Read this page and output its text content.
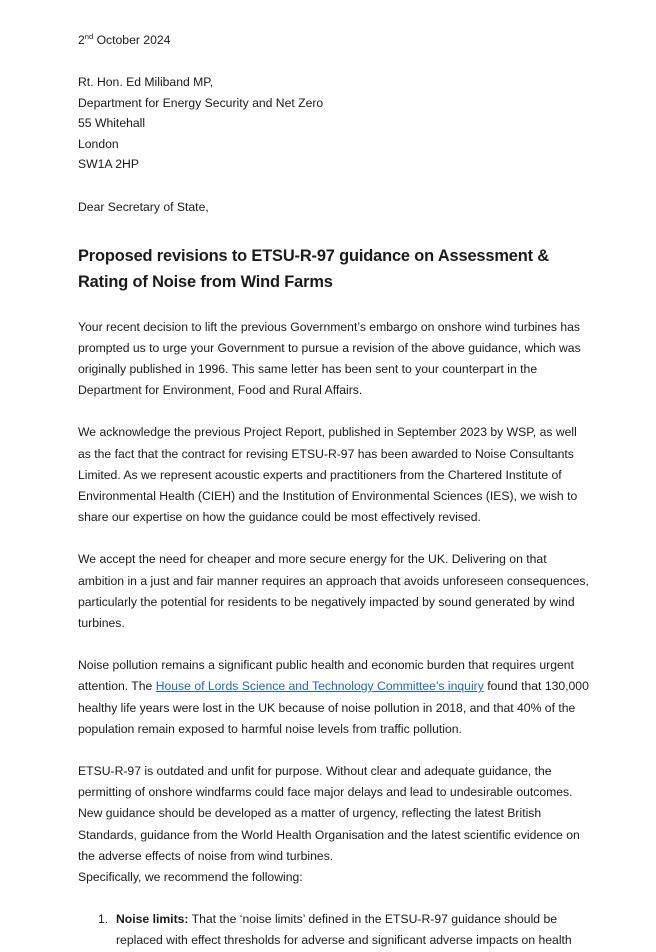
2nd October 2024
Rt. Hon. Ed Miliband MP,
Department for Energy Security and Net Zero
55 Whitehall
London
SW1A 2HP
Dear Secretary of State,
Proposed revisions to ETSU-R-97 guidance on Assessment & Rating of Noise from Wind Farms

Your recent decision to lift the previous Government’s embargo on onshore wind turbines has prompted us to urge your Government to pursue a revision of the above guidance, which was originally published in 1996. This same letter has been sent to your counterpart in the Department for Environment, Food and Rural Affairs.

We acknowledge the previous Project Report, published in September 2023 by WSP, as well as the fact that the contract for revising ETSU-R-97 has been awarded to Noise Consultants Limited. As we represent acoustic experts and practitioners from the Chartered Institute of Environmental Health (CIEH) and the Institution of Environmental Sciences (IES), we wish to share our expertise on how the guidance could be most effectively revised.

We accept the need for cheaper and more secure energy for the UK. Delivering on that ambition in a just and fair manner requires an approach that avoids unforeseen consequences, particularly the potential for residents to be negatively impacted by sound generated by wind turbines.

Noise pollution remains a significant public health and economic burden that requires urgent attention. The House of Lords Science and Technology Committee’s inquiry found that 130,000 healthy life years were lost in the UK because of noise pollution in 2018, and that 40% of the population remain exposed to harmful noise levels from traffic pollution.

ETSU-R-97 is outdated and unfit for purpose. Without clear and adequate guidance, the permitting of onshore windfarms could face major delays and lead to undesirable outcomes. New guidance should be developed as a matter of urgency, reflecting the latest British Standards, guidance from the World Health Organisation and the latest scientific evidence on the adverse effects of noise from wind turbines.

Specifically, we recommend the following:

1. Noise limits: That the ‘noise limits’ defined in the ETSU-R-97 guidance should be replaced with effect thresholds for adverse and significant adverse impacts on health
